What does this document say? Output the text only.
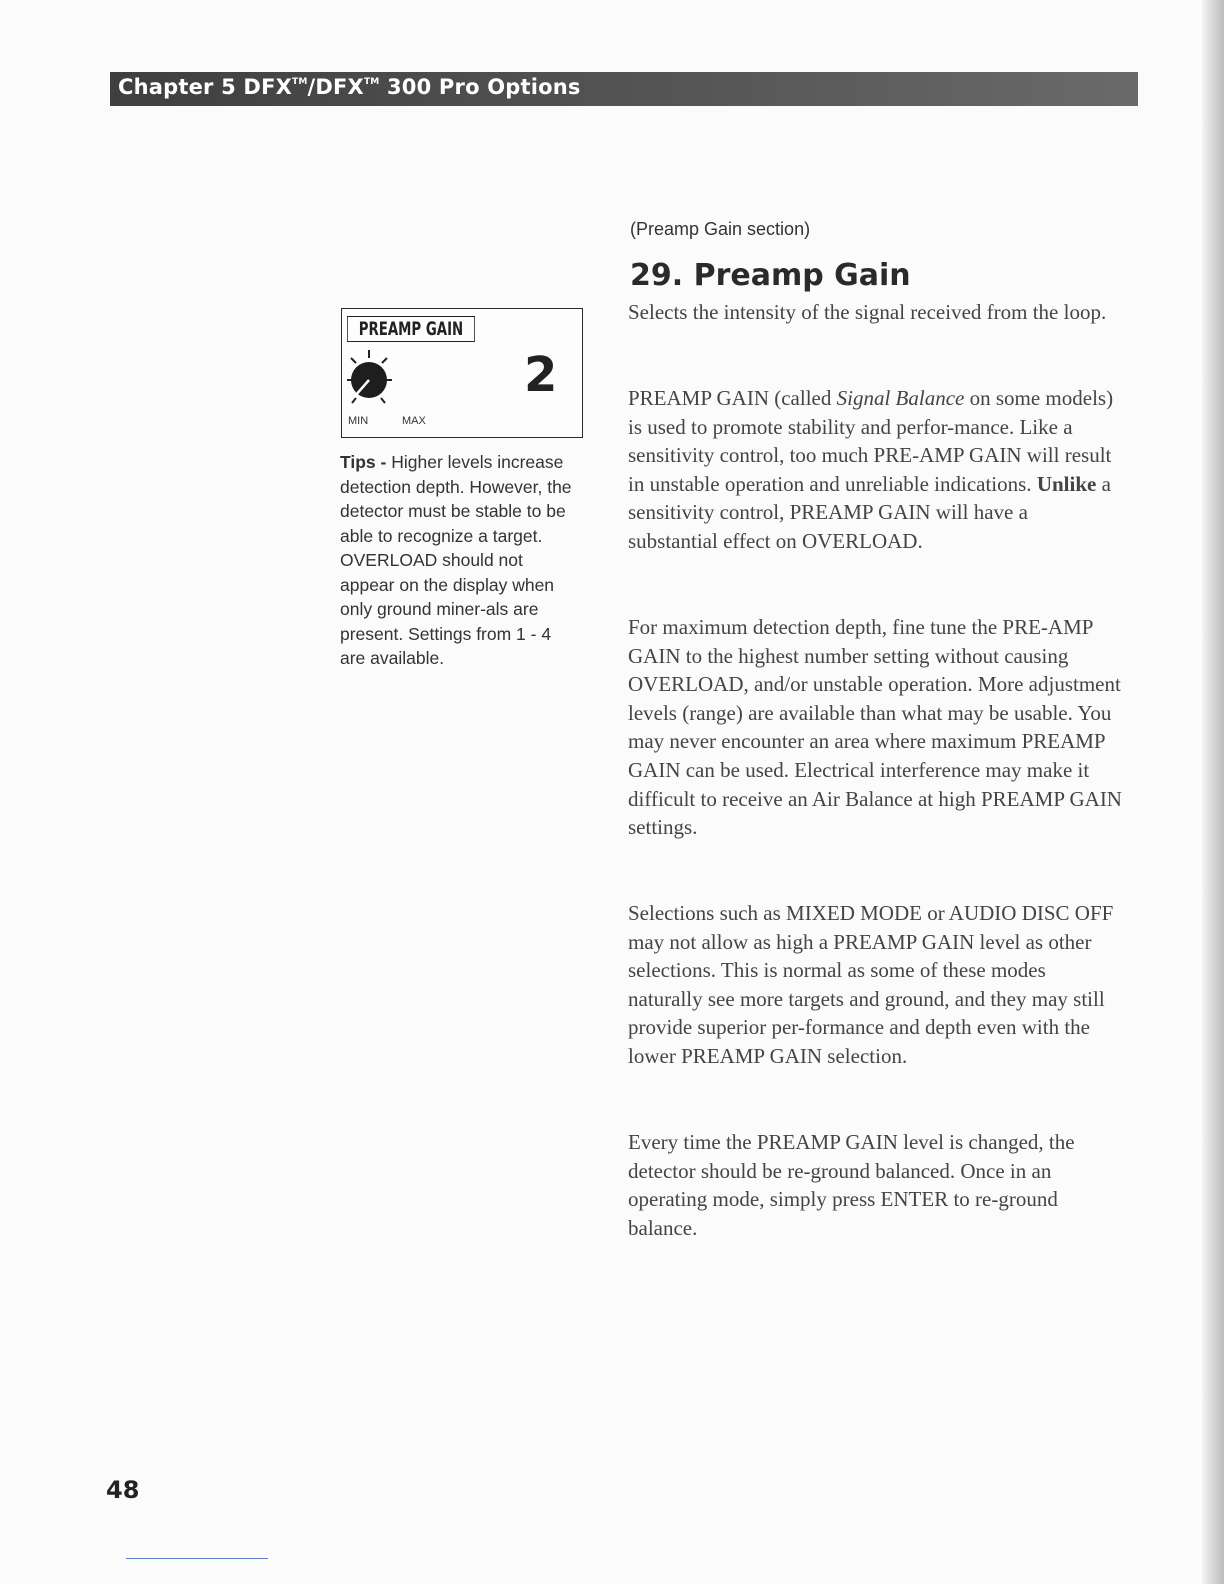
Chapter 5 DFX™/DFX™ 300 Pro Options
PREAMP GAIN
MIN	MAX
2
Tips - Higher levels increase detection depth. However, the detector must be stable to be able to recognize a target. OVERLOAD should not appear on the display when only ground miner-als are present. Settings from 1 - 4 are available.
(Preamp Gain section)
29. Preamp Gain
Selects the intensity of the signal received from the loop.
PREAMP GAIN (called Signal Balance on some models) is used to promote stability and perfor-mance. Like a sensitivity control, too much PRE-AMP GAIN will result in unstable operation and unreliable indications. Unlike a sensitivity control, PREAMP GAIN will have a substantial effect on OVERLOAD.
For maximum detection depth, fine tune the PRE-AMP GAIN to the highest number setting without causing OVERLOAD, and/or unstable operation. More adjustment levels (range) are available than what may be usable. You may never encounter an area where maximum PREAMP GAIN can be used. Electrical interference may make it difficult to receive an Air Balance at high PREAMP GAIN settings.
Selections such as MIXED MODE or AUDIO DISC OFF may not allow as high a PREAMP GAIN level as other selections. This is normal as some of these modes naturally see more targets and ground, and they may still provide superior per-formance and depth even with the lower PREAMP GAIN selection.
Every time the PREAMP GAIN level is changed, the detector should be re-ground balanced. Once in an operating mode, simply press ENTER to re-ground balance.
48
